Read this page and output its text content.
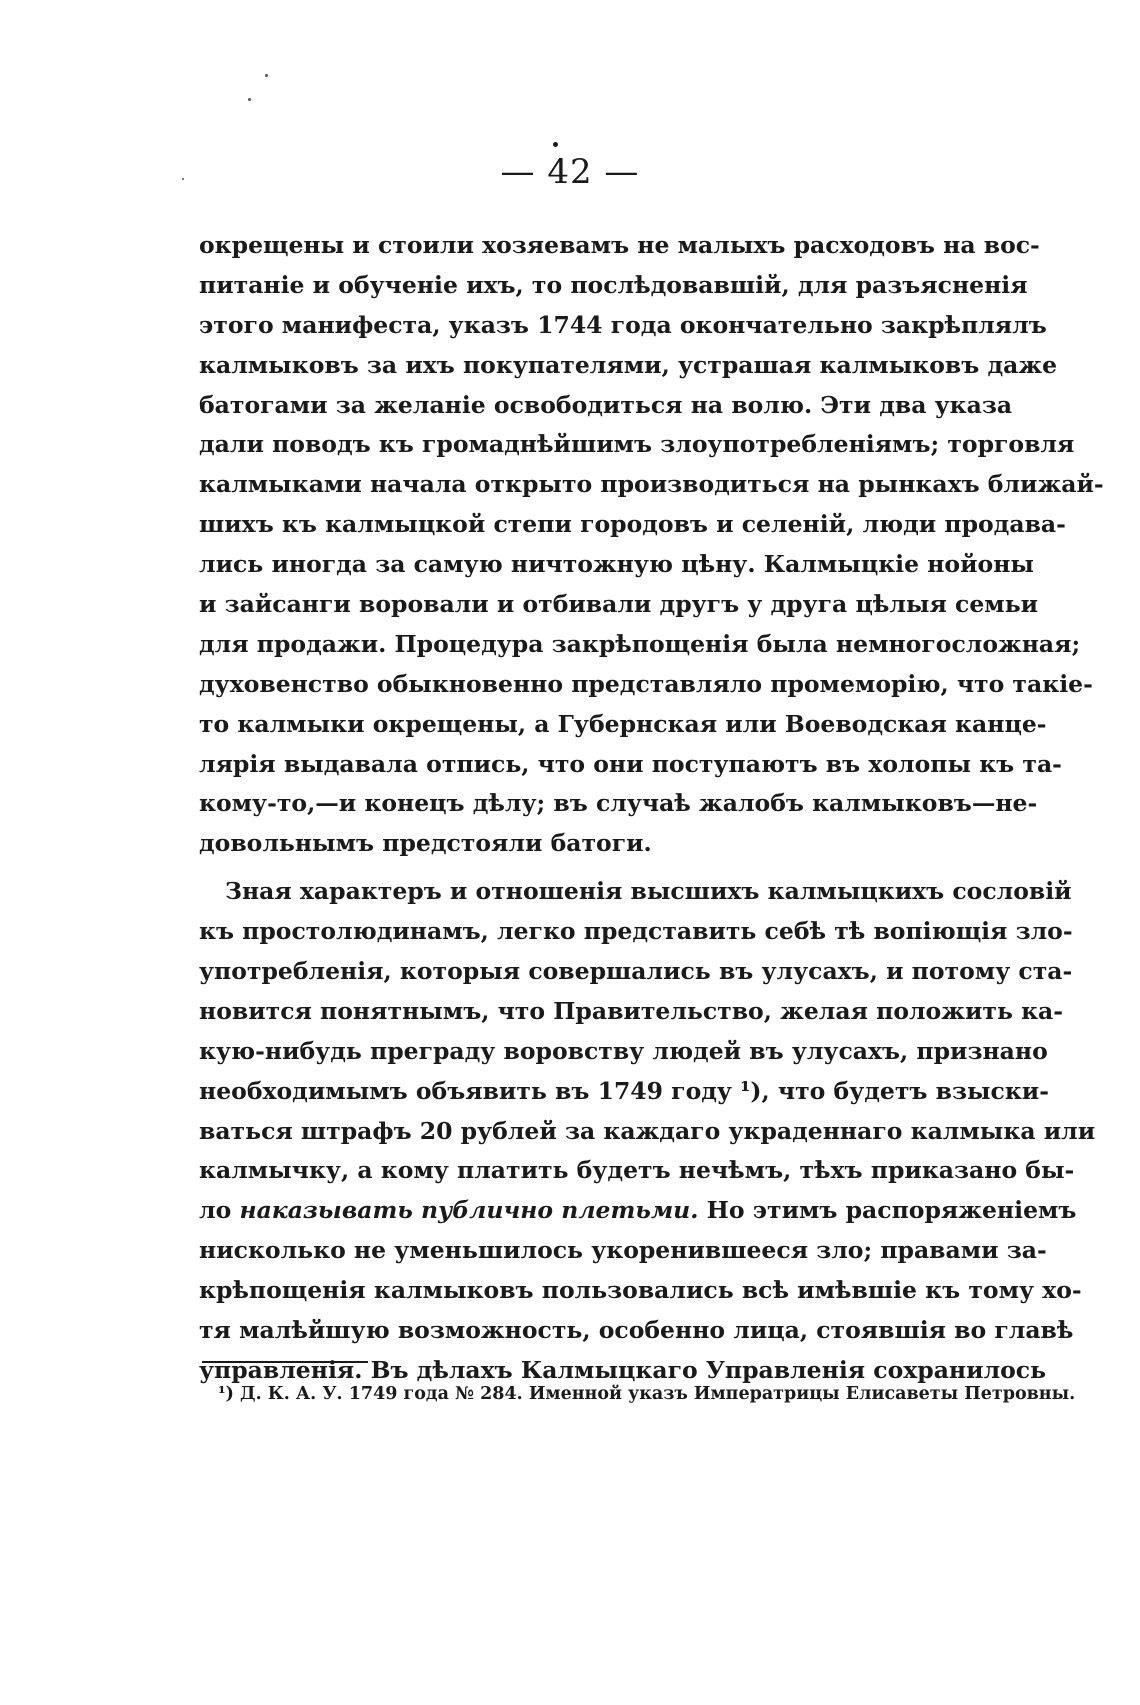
— 42 —
окрещены и стоили хозяевамъ не малыхъ расходовъ на вос-
питаніе и обученіе ихъ, то послѣдовавшій, для разъясненія
этого манифеста, указъ 1744 года окончательно закрѣплялъ
калмыковъ за ихъ покупателями, устрашая калмыковъ даже
батогами за желаніе освободиться на волю. Эти два указа
дали поводъ къ громаднѣйшимъ злоупотребленіямъ; торговля
калмыками начала открыто производиться на рынкахъ ближай-
шихъ къ калмыцкой степи городовъ и селеній, люди продава-
лись иногда за самую ничтожную цѣну. Калмыцкіе нойоны
и зайсанги воровали и отбивали другъ у друга цѣлыя семьи
для продажи. Процедура закрѣпощенія была немногосложная;
духовенство обыкновенно представляло промеморію, что такіе-
то калмыки окрещены, а Губернская или Воеводская канце-
лярія выдавала отпись, что они поступаютъ въ холопы къ та-
кому-то,—и конецъ дѣлу; въ случаѣ жалобъ калмыковъ—не-
довольнымъ предстояли батоги.
Зная характеръ и отношенія высшихъ калмыцкихъ сословій
къ простолюдинамъ, легко представить себѣ тѣ вопіющія зло-
употребленія, которыя совершались въ улусахъ, и потому ста-
новится понятнымъ, что Правительство, желая положить ка-
кую-нибудь преграду воровству людей въ улусахъ, признано
необходимымъ объявить въ 1749 году ¹), что будетъ взыски-
ваться штрафъ 20 рублей за каждаго украденнаго калмыка или
калмычку, а кому платить будетъ нечѣмъ, тѣхъ приказано бы-
ло наказывать публично плетьми. Но этимъ распоряженіемъ
нисколько не уменьшилось укоренившееся зло; правами за-
крѣпощенія калмыковъ пользовались всѣ имѣвшіе къ тому хо-
тя малѣйшую возможность, особенно лица, стоявшія во главѣ
управленія. Въ дѣлахъ Калмыцкаго Управленія сохранилось
¹) Д. К. А. У. 1749 года № 284. Именной указъ Императрицы Елисаветы Петровны.
